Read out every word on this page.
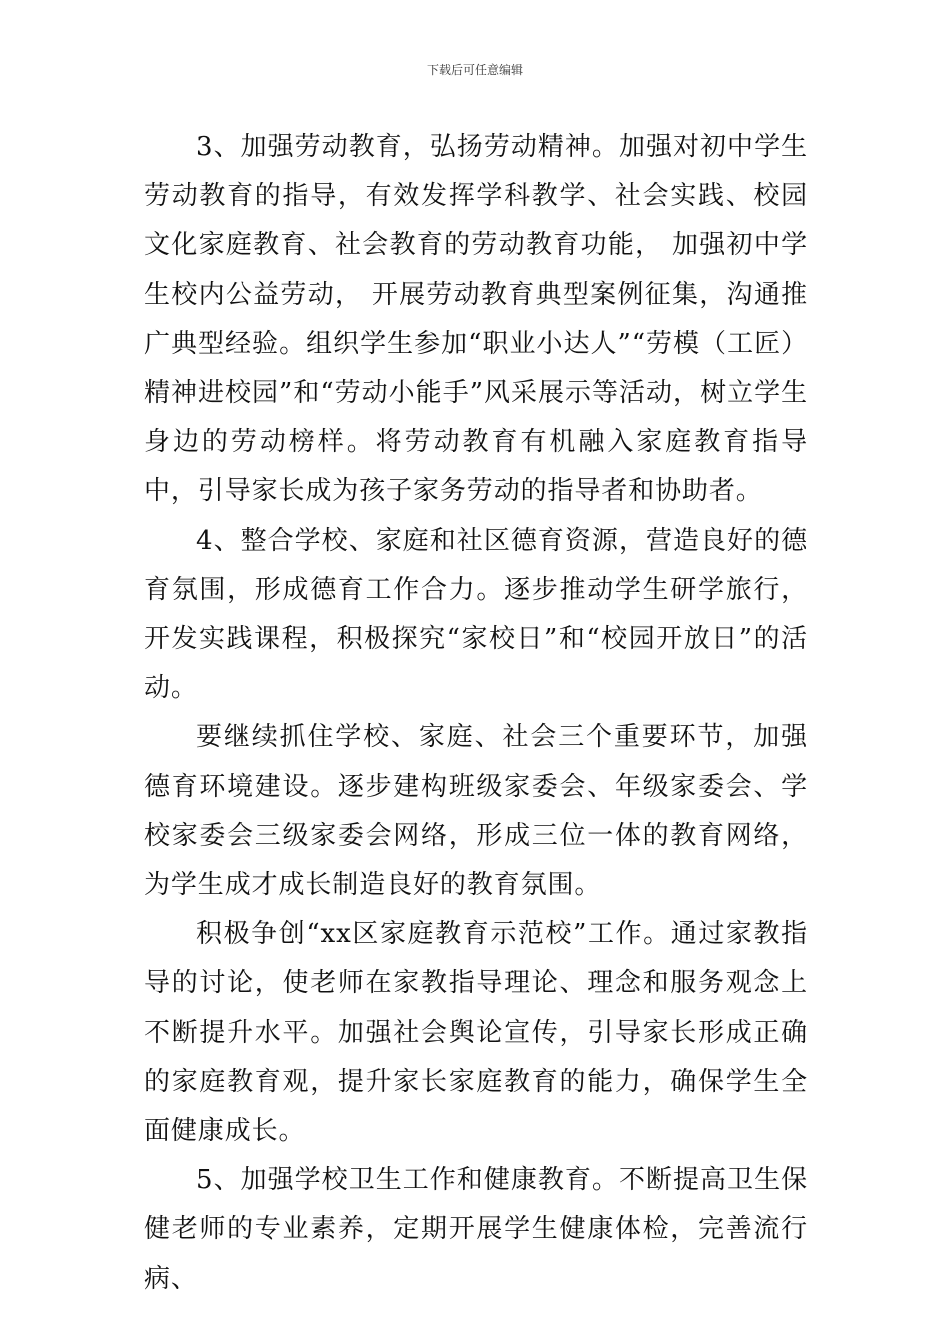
下载后可任意编辑

3、加强劳动教育，弘扬劳动精神。加强对初中学生劳动教育的指导，有效发挥学科教学、社会实践、校园文化家庭教育、社会教育的劳动教育功能， 加强初中学生校内公益劳动， 开展劳动教育典型案例征集，沟通推广典型经验。组织学生参加“职业小达人”“劳模（工匠）精神进校园”和“劳动小能手”风采展示等活动，树立学生身边的劳动榜样。将劳动教育有机融入家庭教育指导中，引导家长成为孩子家务劳动的指导者和协助者。

4、整合学校、家庭和社区德育资源，营造良好的德育氛围，形成德育工作合力。逐步推动学生研学旅行，开发实践课程，积极探究“家校日”和“校园开放日”的活动。

要继续抓住学校、家庭、社会三个重要环节，加强德育环境建设。逐步建构班级家委会、年级家委会、学校家委会三级家委会网络，形成三位一体的教育网络，为学生成才成长制造良好的教育氛围。

积极争创“xx区家庭教育示范校”工作。通过家教指导的讨论，使老师在家教指导理论、理念和服务观念上不断提升水平。加强社会舆论宣传，引导家长形成正确的家庭教育观，提升家长家庭教育的能力，确保学生全面健康成长。

5、加强学校卫生工作和健康教育。不断提高卫生保健老师的专业素养，定期开展学生健康体检，完善流行病、
